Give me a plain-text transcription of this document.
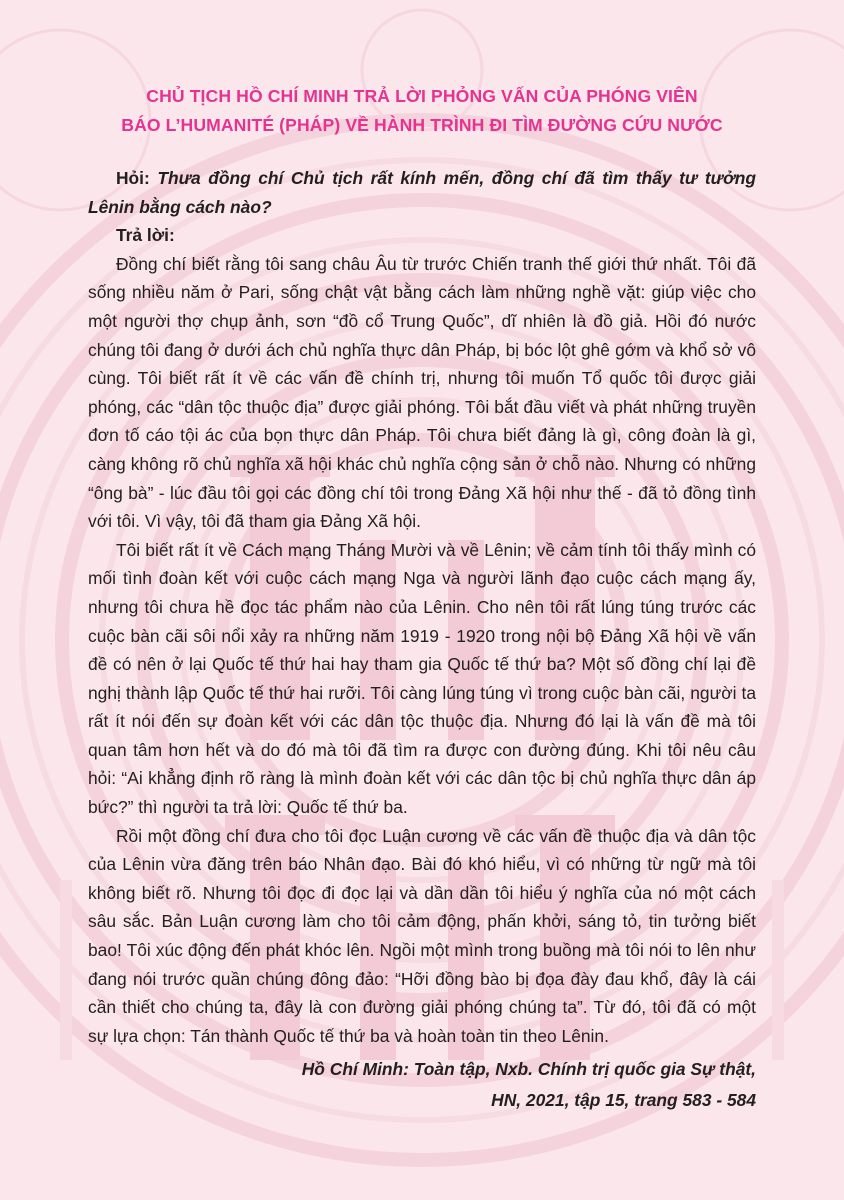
CHỦ TỊCH HỒ CHÍ MINH TRẢ LỜI PHỎNG VẤN CỦA PHÓNG VIÊN
BÁO L’HUMANITÉ (PHÁP) VỀ HÀNH TRÌNH ĐI TÌM ĐƯỜNG CỨU NƯỚC

Hỏi: Thưa đồng chí Chủ tịch rất kính mến, đồng chí đã tìm thấy tư tưởng Lênin bằng cách nào?

Trả lời:

Đồng chí biết rằng tôi sang châu Âu từ trước Chiến tranh thế giới thứ nhất. Tôi đã sống nhiều năm ở Pari, sống chật vật bằng cách làm những nghề vặt: giúp việc cho một người thợ chụp ảnh, sơn “đồ cổ Trung Quốc”, dĩ nhiên là đồ giả. Hồi đó nước chúng tôi đang ở dưới ách chủ nghĩa thực dân Pháp, bị bóc lột ghê gớm và khổ sở vô cùng. Tôi biết rất ít về các vấn đề chính trị, nhưng tôi muốn Tổ quốc tôi được giải phóng, các “dân tộc thuộc địa” được giải phóng. Tôi bắt đầu viết và phát những truyền đơn tố cáo tội ác của bọn thực dân Pháp. Tôi chưa biết đảng là gì, công đoàn là gì, càng không rõ chủ nghĩa xã hội khác chủ nghĩa cộng sản ở chỗ nào. Nhưng có những “ông bà” - lúc đầu tôi gọi các đồng chí tôi trong Đảng Xã hội như thế - đã tỏ đồng tình với tôi. Vì vậy, tôi đã tham gia Đảng Xã hội.

Tôi biết rất ít về Cách mạng Tháng Mười và về Lênin; về cảm tính tôi thấy mình có mối tình đoàn kết với cuộc cách mạng Nga và người lãnh đạo cuộc cách mạng ấy, nhưng tôi chưa hề đọc tác phẩm nào của Lênin. Cho nên tôi rất lúng túng trước các cuộc bàn cãi sôi nổi xảy ra những năm 1919 - 1920 trong nội bộ Đảng Xã hội về vấn đề có nên ở lại Quốc tế thứ hai hay tham gia Quốc tế thứ ba? Một số đồng chí lại đề nghị thành lập Quốc tế thứ hai rưỡi. Tôi càng lúng túng vì trong cuộc bàn cãi, người ta rất ít nói đến sự đoàn kết với các dân tộc thuộc địa. Nhưng đó lại là vấn đề mà tôi quan tâm hơn hết và do đó mà tôi đã tìm ra được con đường đúng. Khi tôi nêu câu hỏi: “Ai khẳng định rõ ràng là mình đoàn kết với các dân tộc bị chủ nghĩa thực dân áp bức?” thì người ta trả lời: Quốc tế thứ ba.

Rồi một đồng chí đưa cho tôi đọc Luận cương về các vấn đề thuộc địa và dân tộc của Lênin vừa đăng trên báo Nhân đạo. Bài đó khó hiểu, vì có những từ ngữ mà tôi không biết rõ. Nhưng tôi đọc đi đọc lại và dần dần tôi hiểu ý nghĩa của nó một cách sâu sắc. Bản Luận cương làm cho tôi cảm động, phấn khởi, sáng tỏ, tin tưởng biết bao! Tôi xúc động đến phát khóc lên. Ngồi một mình trong buồng mà tôi nói to lên như đang nói trước quần chúng đông đảo: “Hỡi đồng bào bị đọa đày đau khổ, đây là cái cần thiết cho chúng ta, đây là con đường giải phóng chúng ta”. Từ đó, tôi đã có một sự lựa chọn: Tán thành Quốc tế thứ ba và hoàn toàn tin theo Lênin.

Hồ Chí Minh: Toàn tập, Nxb. Chính trị quốc gia Sự thật,
HN, 2021, tập 15, trang 583 - 584
